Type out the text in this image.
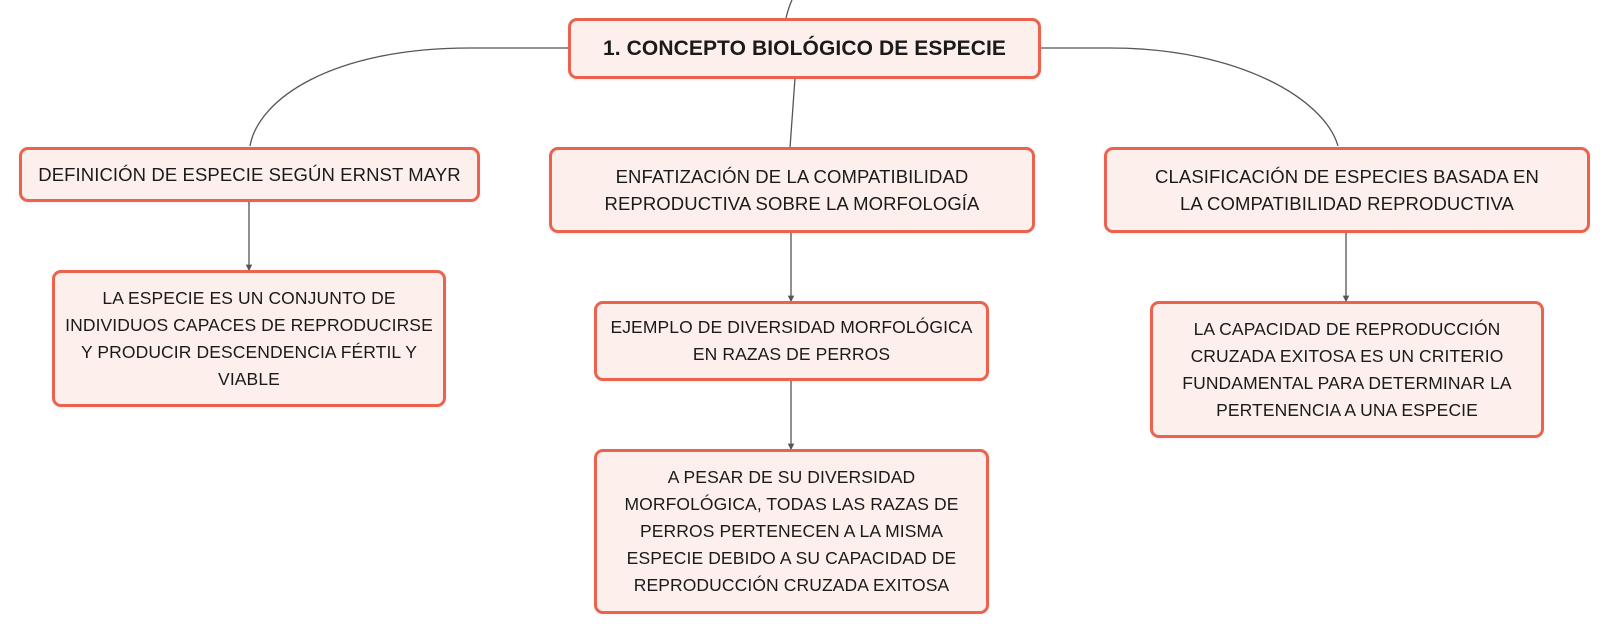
1. CONCEPTO BIOLÓGICO DE ESPECIE
DEFINICIÓN DE ESPECIE SEGÚN ERNST MAYR	ENFATIZACIÓN DE LA COMPATIBILIDAD REPRODUCTIVA SOBRE LA MORFOLOGÍA
CLASIFICACIÓN DE ESPECIES BASADA EN LA COMPATIBILIDAD REPRODUCTIVA
LA ESPECIE ES UN CONJUNTO DE INDIVIDUOS CAPACES DE REPRODUCIRSE Y PRODUCIR DESCENDENCIA FÉRTIL Y VIABLE
EJEMPLO DE DIVERSIDAD MORFOLÓGICA EN RAZAS DE PERROS
A PESAR DE SU DIVERSIDAD MORFOLÓGICA, TODAS LAS RAZAS DE PERROS PERTENECEN A LA MISMA ESPECIE DEBIDO A SU CAPACIDAD DE REPRODUCCIÓN CRUZADA EXITOSA
LA CAPACIDAD DE REPRODUCCIÓN CRUZADA EXITOSA ES UN CRITERIO FUNDAMENTAL PARA DETERMINAR LA PERTENENCIA A UNA ESPECIE
